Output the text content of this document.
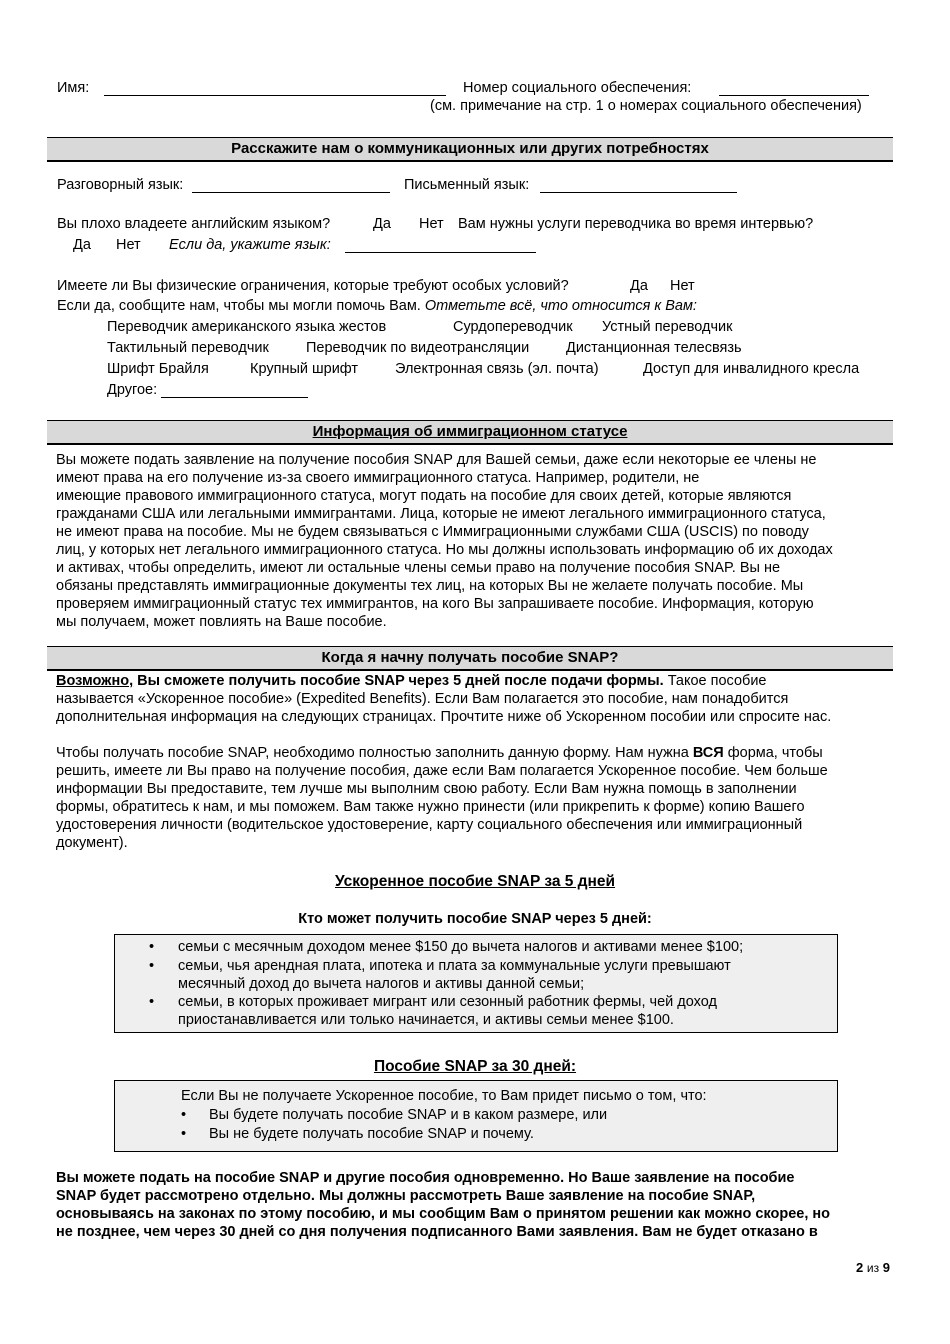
Имя:	Номер социального обеспечения:
(см. примечание на стр. 1 о номерах социального обеспечения)
Расскажите нам о коммуникационных или других потребностях
Разговорный язык:	Письменный язык:
Вы плохо владеете английским языком?	Да Нет Вам нужны услуги переводчика во время интервью?
Да Нет Если да, укажите язык:
Имеете ли Вы физические ограничения, которые требуют особых условий?	Да Нет
Если да, сообщите нам, чтобы мы могли помочь Вам. Отметьте всё, что относится к Вам:
Переводчик американского языка жестов	Сурдопереводчик Устный переводчик
Тактильный переводчик	Переводчик по видеотрансляции	Дистанционная телесвязь
Шрифт Брайля	Крупный шрифт	Электронная связь (эл. почта)	Доступ для инвалидного кресла
Другое:
Информация об иммиграционном статусе
Вы можете подать заявление на получение пособия SNAP для Вашей семьи, даже если некоторые ее члены не
имеют права на его получение из-за своего иммиграционного статуса. Например, родители, не
имеющие правового иммиграционного статуса, могут подать на пособие для своих детей, которые являются
гражданами США или легальными иммигрантами. Лица, которые не имеют легального иммиграционного статуса,
не имеют права на пособие. Мы не будем связываться с Иммиграционными службами США (USCIS) по поводу
лиц, у которых нет легального иммиграционного статуса. Но мы должны использовать информацию об их доходах
и активах, чтобы определить, имеют ли остальные члены семьи право на получение пособия SNAP. Вы не
обязаны представлять иммиграционные документы тех лиц, на которых Вы не желаете получать пособие. Мы
проверяем иммиграционный статус тех иммигрантов, на кого Вы запрашиваете пособие. Информация, которую
мы получаем, может повлиять на Ваше пособие.
Когда я начну получать пособие SNAP?
Возможно, Вы сможете получить пособие SNAP через 5 дней после подачи формы. Такое пособие
называется «Ускоренное пособие» (Expedited Benefits). Если Вам полагается это пособие, нам понадобится
дополнительная информация на следующих страницах. Прочтите ниже об Ускоренном пособии или спросите нас.
Чтобы получать пособие SNAP, необходимо полностью заполнить данную форму. Нам нужна ВСЯ форма, чтобы
решить, имеете ли Вы право на получение пособия, даже если Вам полагается Ускоренное пособие. Чем больше
информации Вы предоставите, тем лучше мы выполним свою работу. Если Вам нужна помощь в заполнении
формы, обратитесь к нам, и мы поможем. Вам также нужно принести (или прикрепить к форме) копию Вашего
удостоверения личности (водительское удостоверение, карту социального обеспечения или иммиграционный
документ).
Ускоренное пособие SNAP за 5 дней
Кто может получить пособие SNAP через 5 дней:
• семьи с месячным доходом менее $150 до вычета налогов и активами менее $100;
• семьи, чья арендная плата, ипотека и плата за коммунальные услуги превышают
месячный доход до вычета налогов и активы данной семьи;
• семьи, в которых проживает мигрант или сезонный работник фермы, чей доход
приостанавливается или только начинается, и активы семьи менее $100.
Пособие SNAP за 30 дней:
Если Вы не получаете Ускоренное пособие, то Вам придет письмо о том, что:
• Вы будете получать пособие SNAP и в каком размере, или
• Вы не будете получать пособие SNAP и почему.
Вы можете подать на пособие SNAP и другие пособия одновременно. Но Ваше заявление на пособие
SNAP будет рассмотрено отдельно. Мы должны рассмотреть Ваше заявление на пособие SNAP,
основываясь на законах по этому пособию, и мы сообщим Вам о принятом решении как можно скорее, но
не позднее, чем через 30 дней со дня получения подписанного Вами заявления. Вам не будет отказано в
2 из 9
